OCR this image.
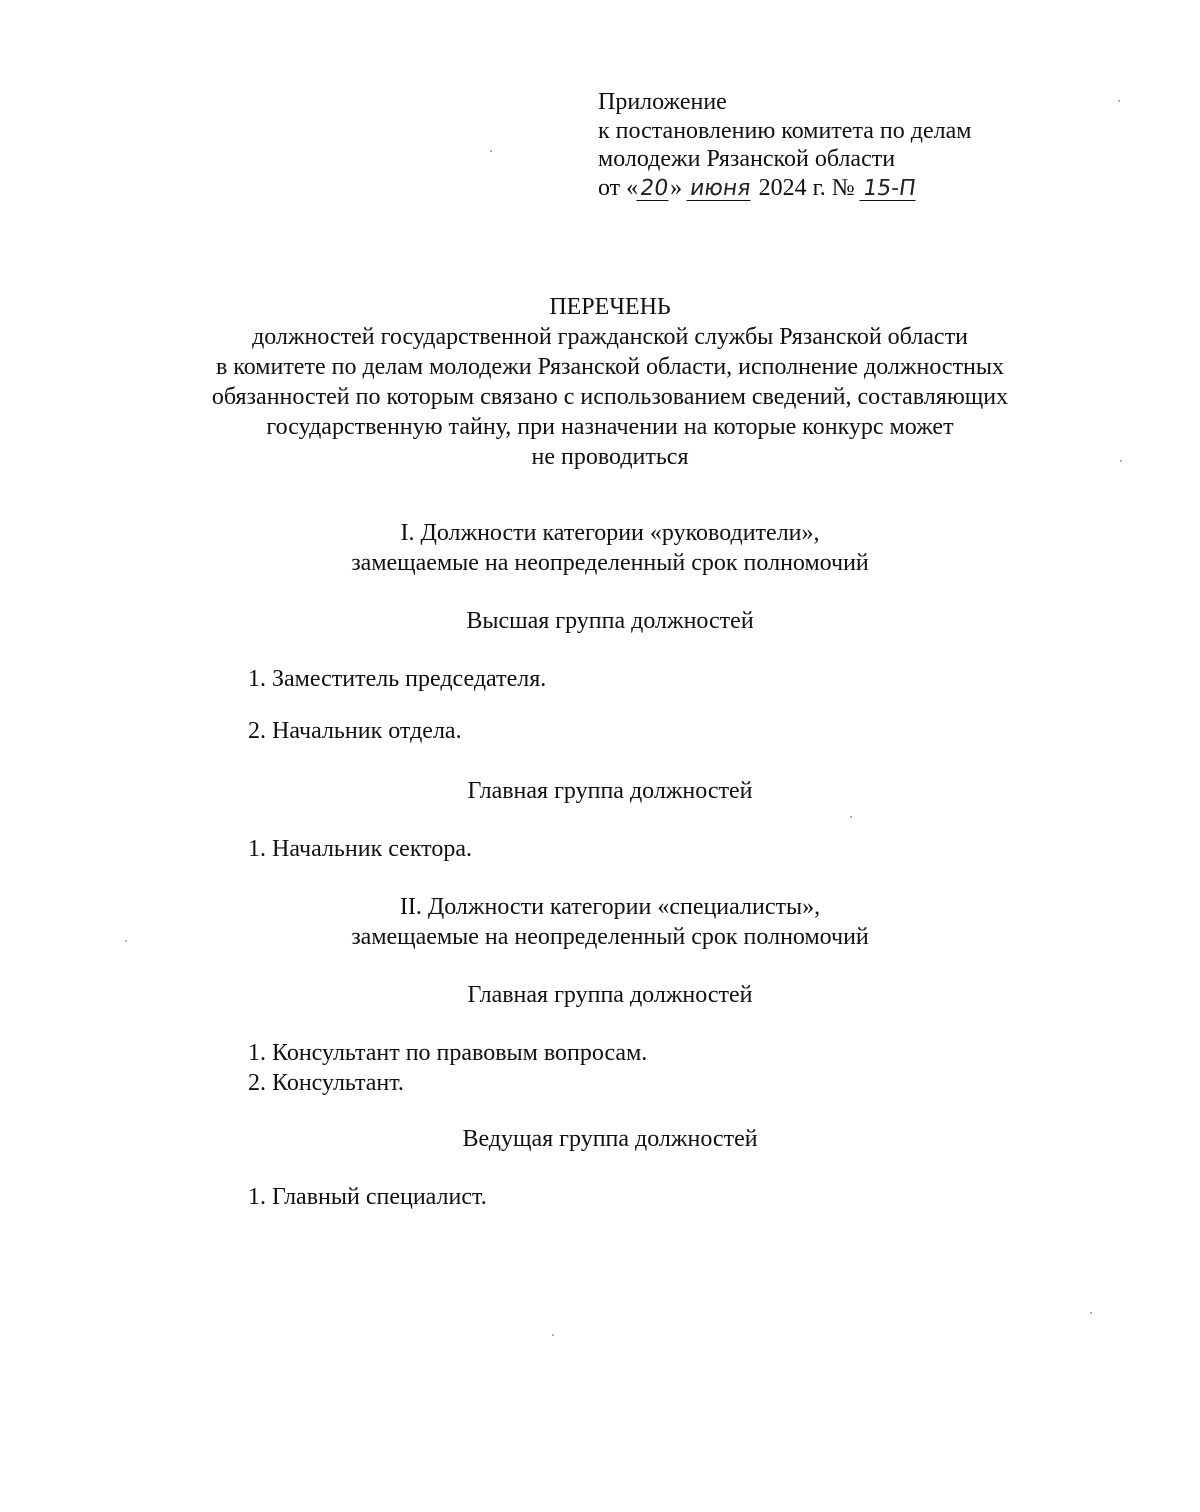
Приложение
к постановлению комитета по делам
молодежи Рязанской области
от «20» июня 2024 г. № 15-П
ПЕРЕЧЕНЬ
должностей государственной гражданской службы Рязанской области
в комитете по делам молодежи Рязанской области, исполнение должностных
обязанностей по которым связано с использованием сведений, составляющих
государственную тайну, при назначении на которые конкурс может
не проводиться
I. Должности категории «руководители»,
замещаемые на неопределенный срок полномочий
Высшая группа должностей
1. Заместитель председателя.
2. Начальник отдела.
Главная группа должностей
1. Начальник сектора.
II. Должности категории «специалисты»,
замещаемые на неопределенный срок полномочий
Главная группа должностей
1. Консультант по правовым вопросам.
2. Консультант.
Ведущая группа должностей
1. Главный специалист.
